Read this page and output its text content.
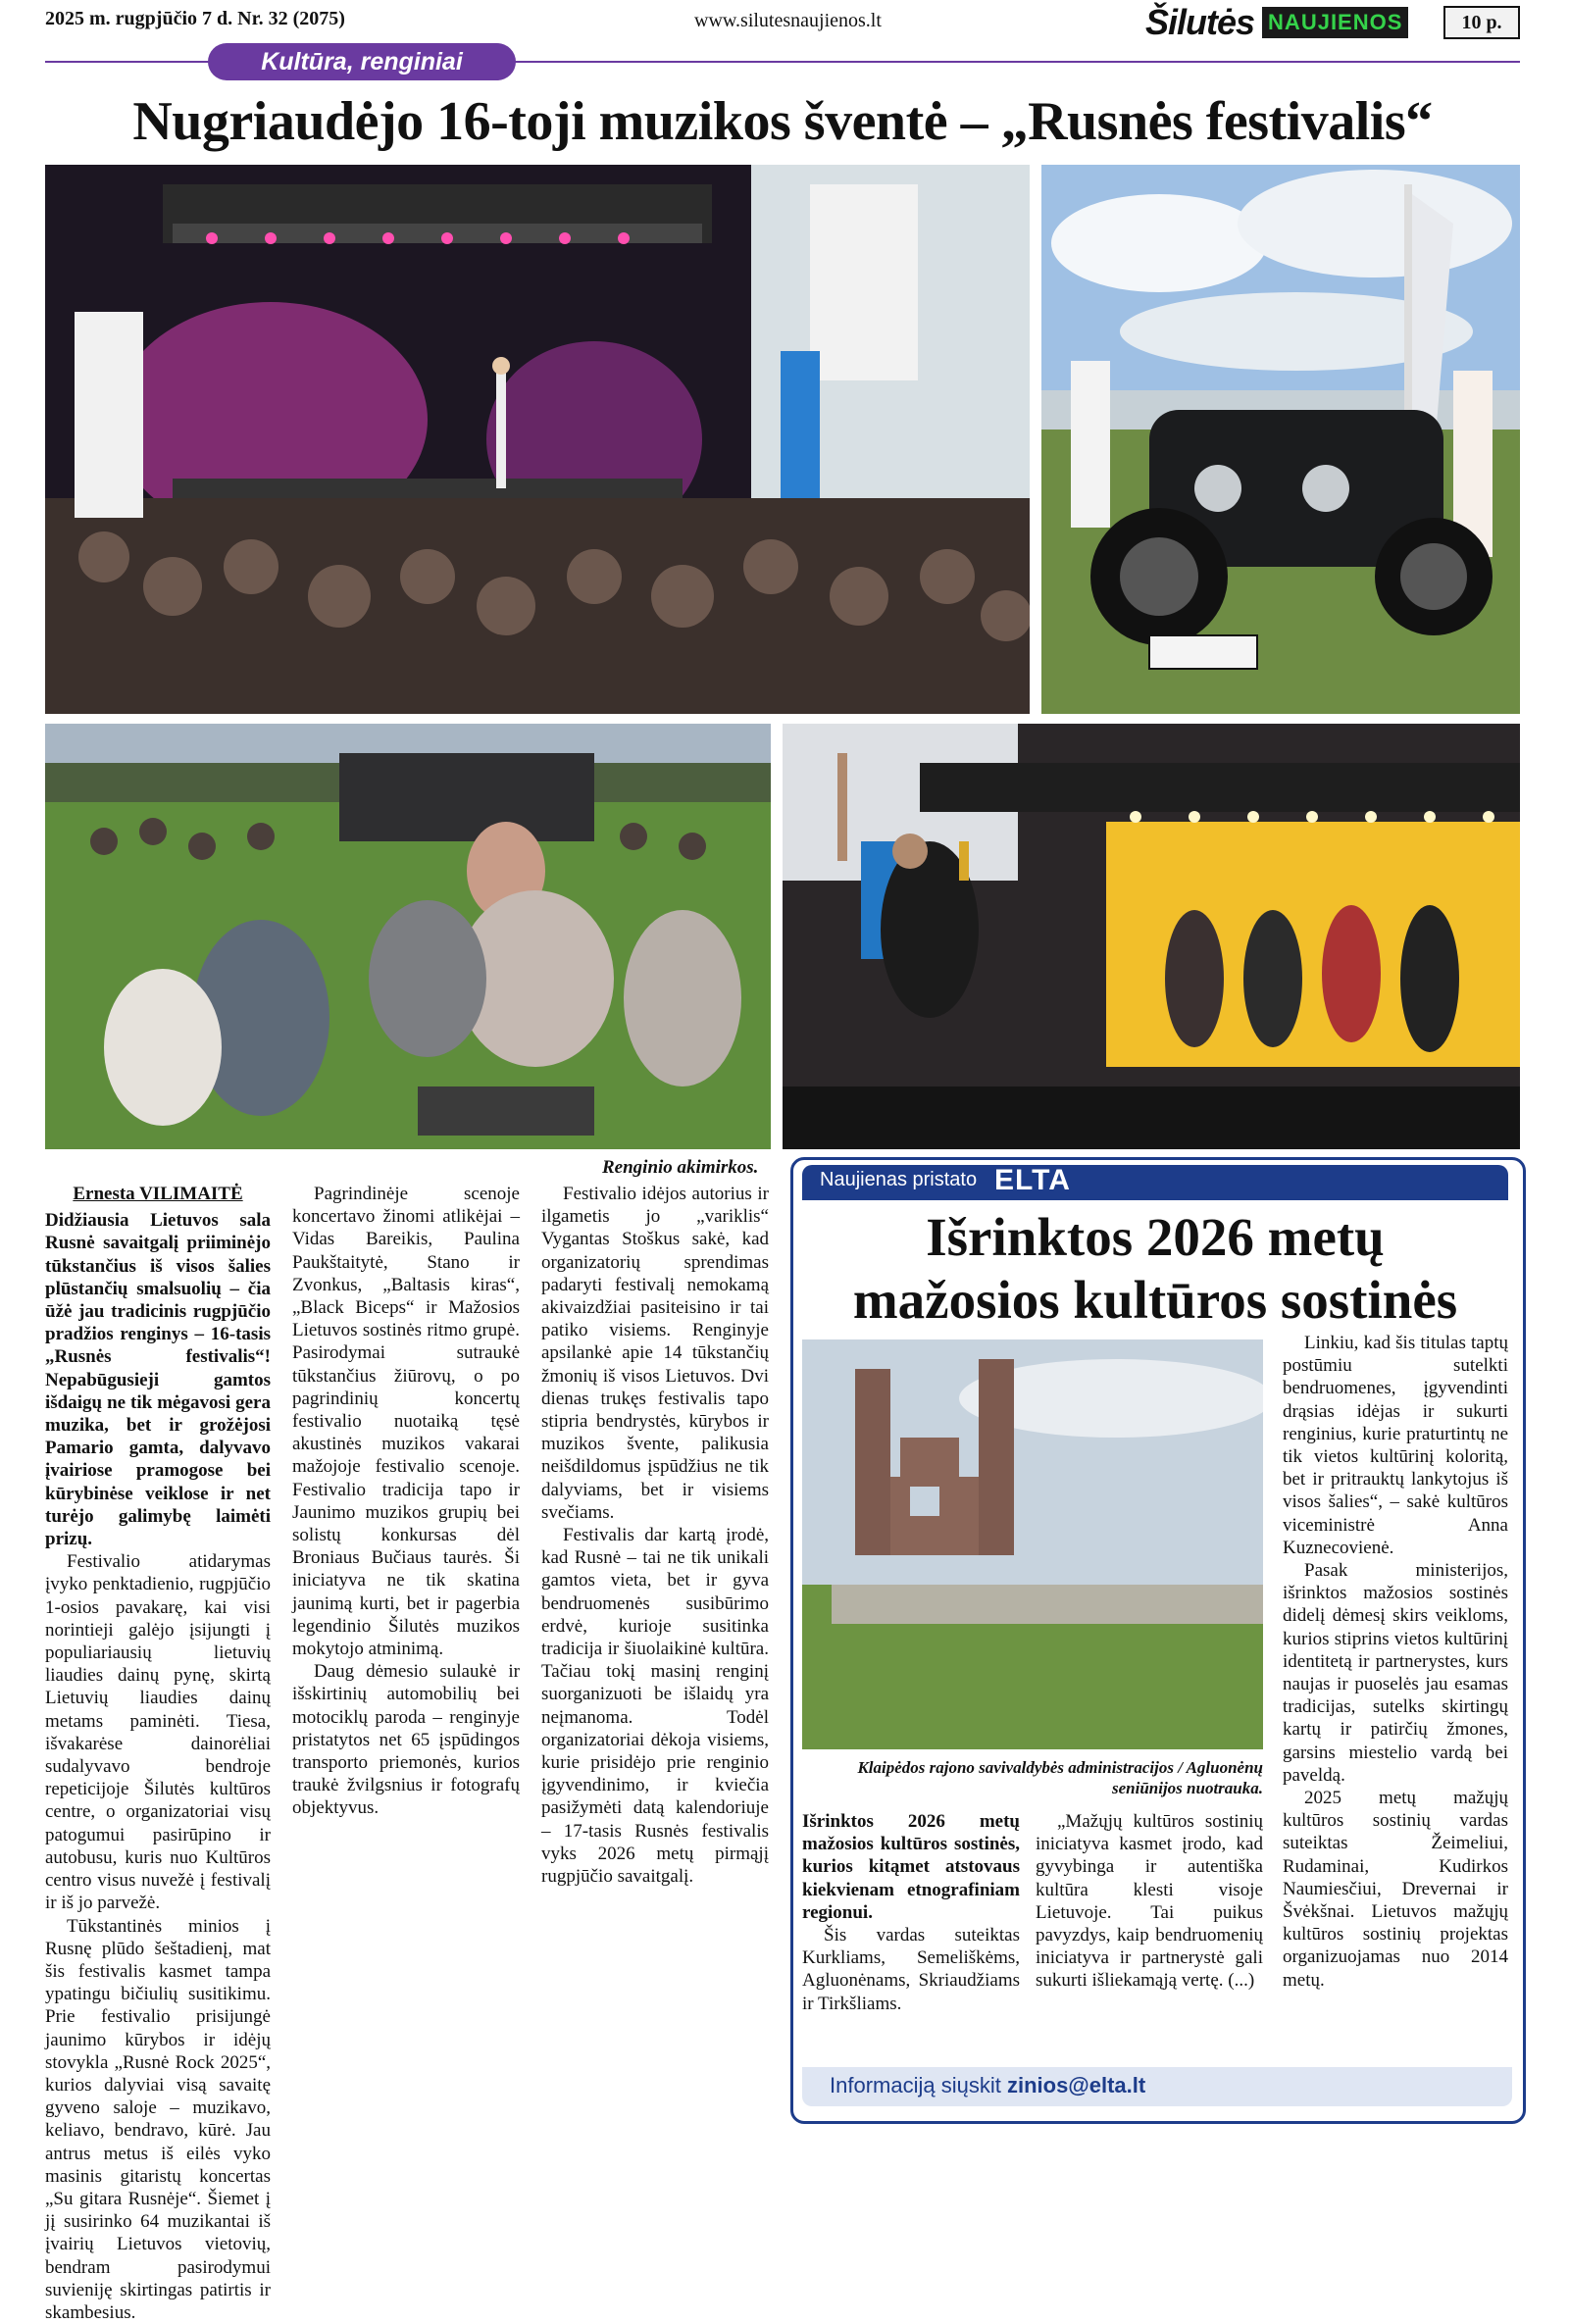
2025 m. rugpjūčio 7 d. Nr. 32 (2075)	www.silutesnaujienos.lt	Šilutės NAUJIENOS	10 p.
Kultūra, renginiai
Nugriaudėjo 16-toji muzikos šventė – „Rusnės festivalis“
Renginio akimirkos.

Ernesta VILIMAITĖ

Didžiausia Lietuvos sala Rusnė savaitgalį priiminėjo tūkstančius iš visos šalies plūstančių smalsuolių – čia ūžė jau tradicinis rugpjūčio pradžios renginys – 16-tasis „Rusnės festivalis“! Nepabūgusieji gamtos išdaigų ne tik mėgavosi gera muzika, bet ir grožėjosi Pamario gamta, dalyvavo įvairiose pramogose bei kūrybinėse veiklose ir net turėjo galimybę laimėti prizų.

Festivalio atidarymas įvyko penktadienio, rugpjūčio 1-osios pavakarę, kai visi norintieji galėjo įsijungti į populiariausių lietuvių liaudies dainų pynę, skirtą Lietuvių liaudies dainų metams paminėti. Tiesa, išvakarėse dainorėliai sudalyvavo bendroje repeticijoje Šilutės kultūros centre, o organizatoriai visų patogumui pasirūpino ir autobusu, kuris nuo Kultūros centro visus nuvežė į festivalį ir iš jo parvežė.

Tūkstantinės minios į Rusnę plūdo šeštadienį, mat šis festivalis kasmet tampa ypatingu bičiulių susitikimu. Prie festivalio prisijungė jaunimo kūrybos ir idėjų stovykla „Rusnė Rock 2025“, kurios dalyviai visą savaitę gyveno saloje – muzikavo, keliavo, bendravo, kūrė. Jau antrus metus iš eilės vyko masinis gitaristų koncertas „Su gitara Rusnėje“. Šiemet į jį susirinko 64 muzikantai iš įvairių Lietuvos vietovių, bendram pasirodymui suvieniję skirtingas patirtis ir skambesius.

Pagrindinėje scenoje koncertavo žinomi atlikėjai – Vidas Bareikis, Paulina Paukštaitytė, Stano ir Zvonkus, „Baltasis kiras“, „Black Biceps“ ir Mažosios Lietuvos sostinės ritmo grupė. Pasirodymai sutraukė tūkstančius žiūrovų, o po pagrindinių koncertų festivalio nuotaiką tęsė akustinės muzikos vakarai mažojoje festivalio scenoje. Festivalio tradicija tapo ir Jaunimo muzikos grupių bei solistų konkursas dėl Broniaus Bučiaus taurės. Ši iniciatyva ne tik skatina jaunimą kurti, bet ir pagerbia legendinio Šilutės muzikos mokytojo atminimą.

Daug dėmesio sulaukė ir išskirtinių automobilių bei motociklų paroda – renginyje pristatytos net 65 įspūdingos transporto priemonės, kurios traukė žvilgsnius ir fotografų objektyvus.

Festivalio idėjos autorius ir ilgametis jo „variklis“ Vygantas Stoškus sakė, kad organizatorių sprendimas padaryti festivalį nemokamą akivaizdžiai pasiteisino ir tai patiko visiems. Renginyje apsilankė apie 14 tūkstančių žmonių iš visos Lietuvos. Dvi dienas trukęs festivalis tapo stipria bendrystės, kūrybos ir muzikos švente, palikusia neišdildomus įspūdžius ne tik dalyviams, bet ir visiems svečiams.

Festivalis dar kartą įrodė, kad Rusnė – tai ne tik unikali gamtos vieta, bet ir gyva bendruomenės susibūrimo erdvė, kurioje susitinka tradicija ir šiuolaikinė kultūra. Tačiau tokį masinį renginį suorganizuoti be išlaidų yra neįmanoma. Todėl organizatoriai dėkoja visiems, kurie prisidėjo prie renginio įgyvendinimo, ir kviečia pasižymėti datą kalendoriuje – 17-tasis Rusnės festivalis vyks 2026 metų pirmąjį rugpjūčio savaitgalį.

Naujienas pristato ELTA
Išrinktos 2026 metų
mažosios kultūros sostinės
Klaipėdos rajono savivaldybės administracijos / Agluonėnų seniūnijos nuotrauka.

Išrinktos 2026 metų mažosios kultūros sostinės, kurios kitąmet atstovaus kiekvienam etnografiniam regionui.

Šis vardas suteiktas Kurkliams, Semeliškėms, Agluonėnams, Skriaudžiams ir Tirkšliams.

„Mažųjų kultūros sostinių iniciatyva kasmet įrodo, kad gyvybinga ir autentiška kultūra klesti visoje Lietuvoje. Tai puikus pavyzdys, kaip bendruomenių iniciatyva ir partnerystė gali sukurti išliekamąją vertę. (...)

Linkiu, kad šis titulas taptų postūmiu sutelkti bendruomenes, įgyvendinti drąsias idėjas ir sukurti renginius, kurie praturtintų ne tik vietos kultūrinį koloritą, bet ir pritrauktų lankytojus iš visos šalies“, – sakė kultūros viceministrė Anna Kuznecovienė.

Pasak ministerijos, išrinktos mažosios sostinės didelį dėmesį skirs veikloms, kurios stiprins vietos kultūrinį identitetą ir partnerystes, kurs naujas ir puoselės jau esamas tradicijas, sutelks skirtingų kartų ir patirčių žmones, garsins miestelio vardą bei paveldą.

2025 metų mažųjų kultūros sostinių vardas suteiktas Žeimeliui, Rudaminai, Kudirkos Naumiesčiui, Drevernai ir Švėkšnai. Lietuvos mažųjų kultūros sostinių projektas organizuojamas nuo 2014 metų.

Informaciją siųskit zinios@elta.lt
